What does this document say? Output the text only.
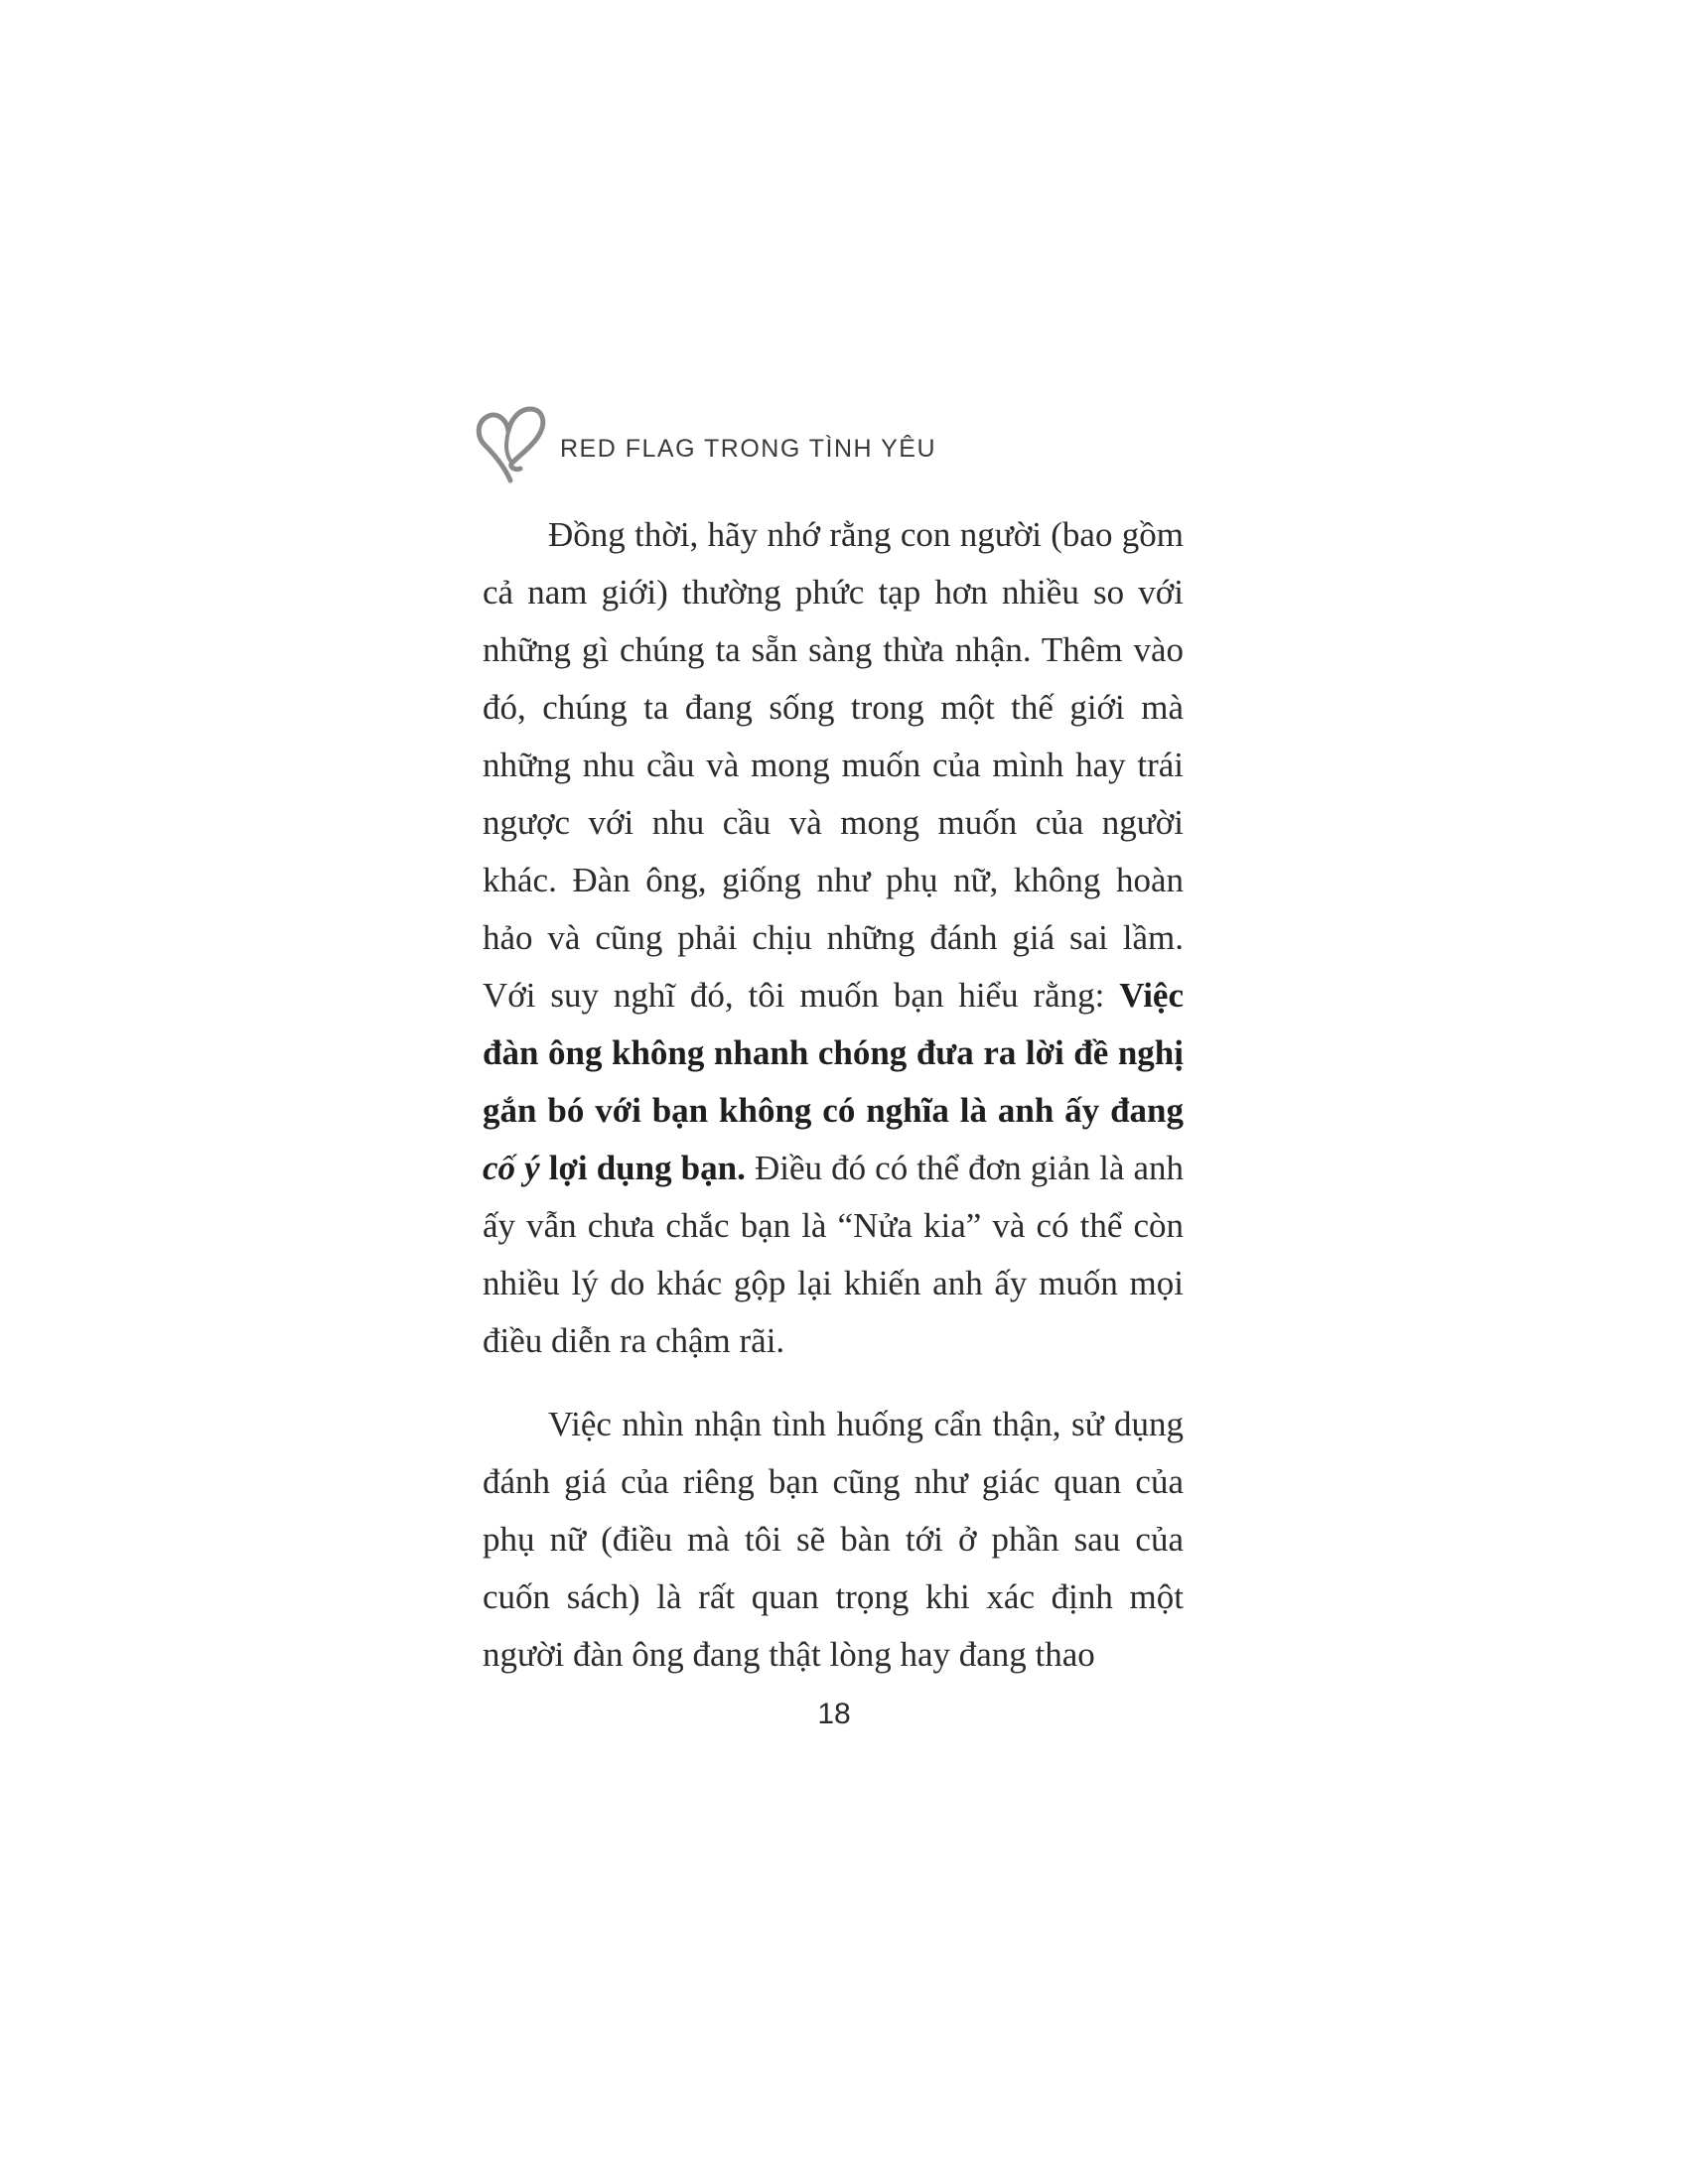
RED FLAG TRONG TÌNH YÊU

Đồng thời, hãy nhớ rằng con người (bao gồm cả nam giới) thường phức tạp hơn nhiều so với những gì chúng ta sẵn sàng thừa nhận. Thêm vào đó, chúng ta đang sống trong một thế giới mà những nhu cầu và mong muốn của mình hay trái ngược với nhu cầu và mong muốn của người khác. Đàn ông, giống như phụ nữ, không hoàn hảo và cũng phải chịu những đánh giá sai lầm. Với suy nghĩ đó, tôi muốn bạn hiểu rằng: Việc đàn ông không nhanh chóng đưa ra lời đề nghị gắn bó với bạn không có nghĩa là anh ấy đang cố ý lợi dụng bạn. Điều đó có thể đơn giản là anh ấy vẫn chưa chắc bạn là “Nửa kia” và có thể còn nhiều lý do khác gộp lại khiến anh ấy muốn mọi điều diễn ra chậm rãi.

Việc nhìn nhận tình huống cẩn thận, sử dụng đánh giá của riêng bạn cũng như giác quan của phụ nữ (điều mà tôi sẽ bàn tới ở phần sau của cuốn sách) là rất quan trọng khi xác định một người đàn ông đang thật lòng hay đang thao

18
